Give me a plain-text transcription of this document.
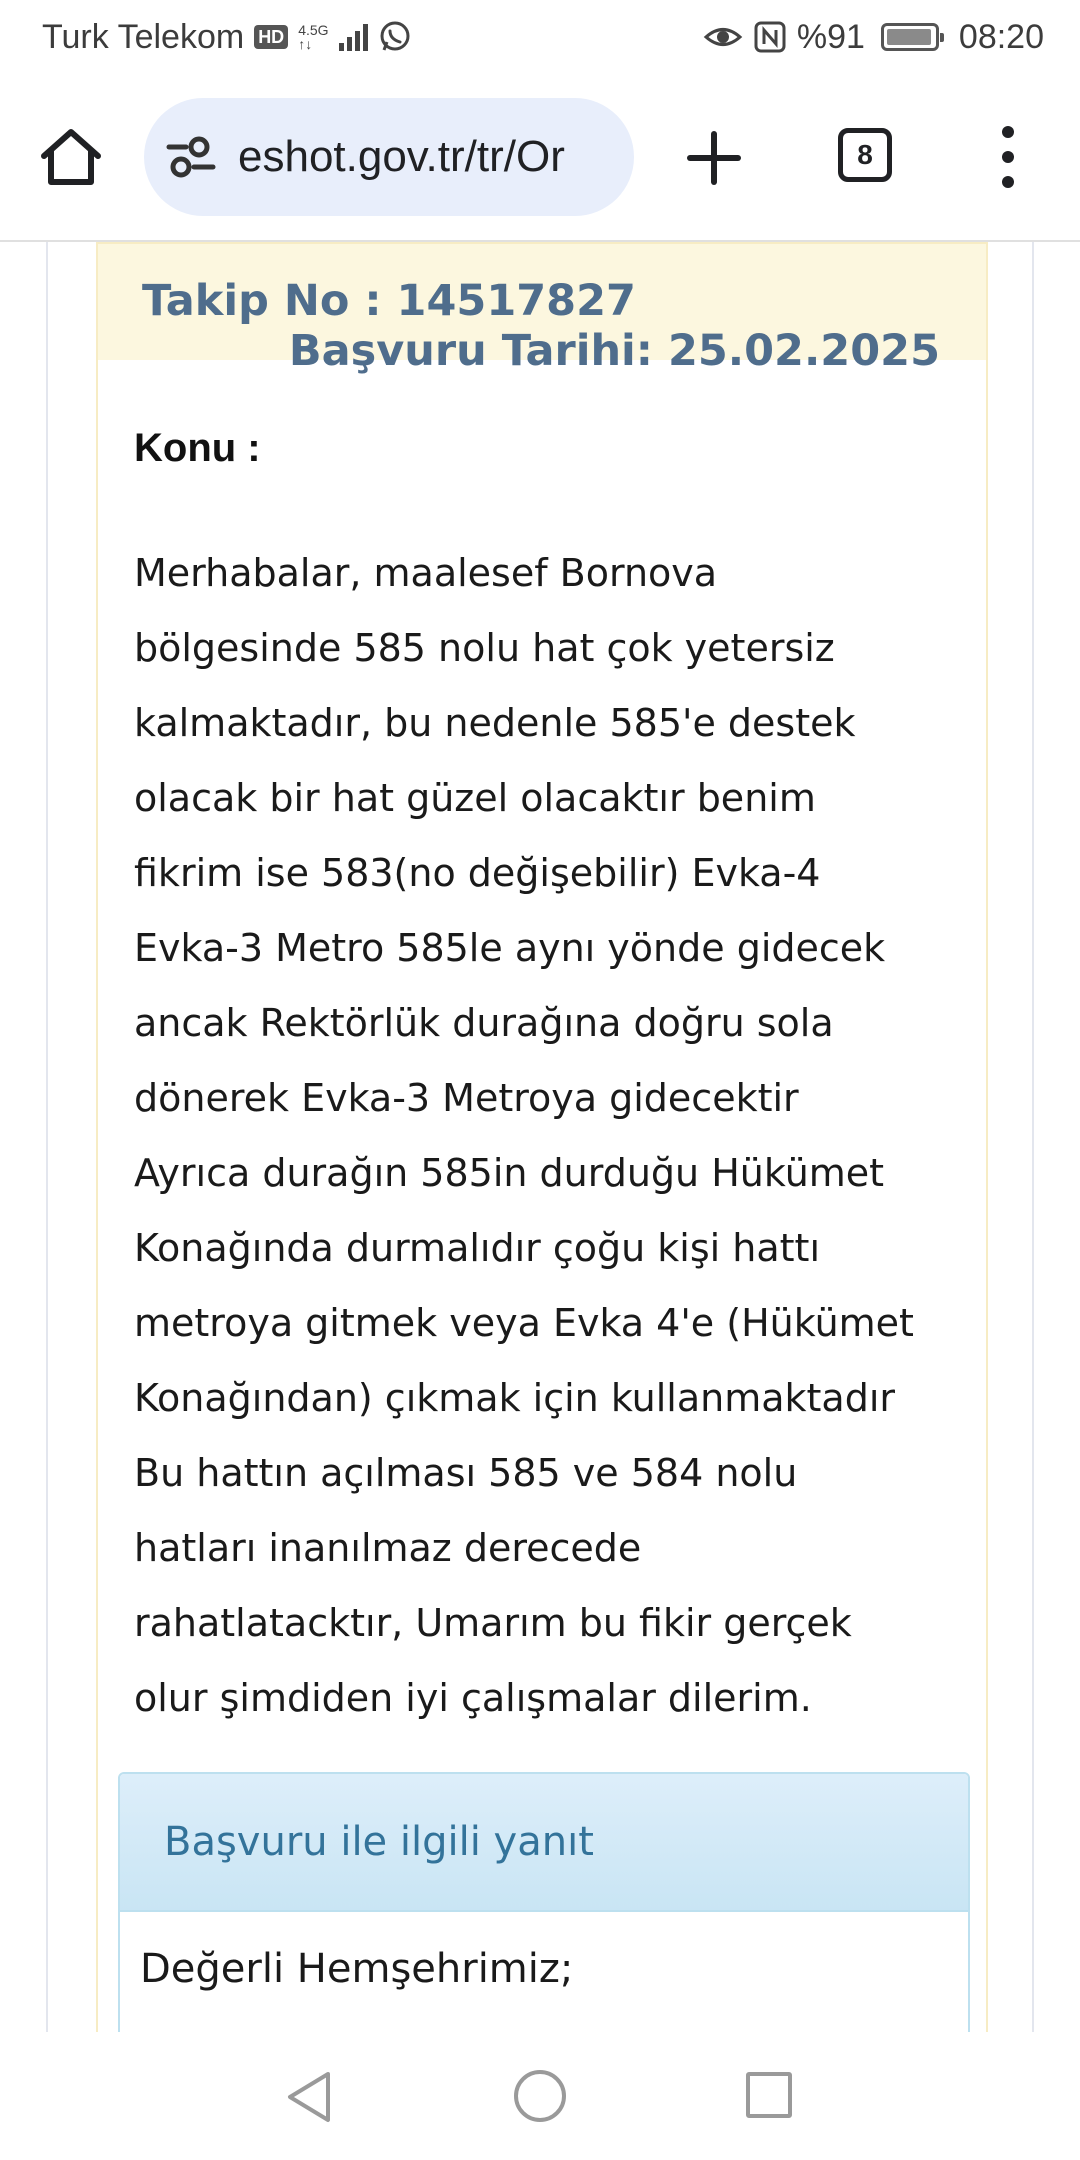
Turk Telekom HD 4.5G
↑↓	%91	08:20
eshot.gov.tr/tr/Or	8
Takip No : 14517827
Başvuru Tarihi: 25.02.2025
Konu :
Merhabalar, maalesef Bornova
bölgesinde 585 nolu hat çok yetersiz
kalmaktadır, bu nedenle 585'e destek
olacak bir hat güzel olacaktır benim
fikrim ise 583(no değişebilir) Evka-4
Evka-3 Metro 585le aynı yönde gidecek
ancak Rektörlük durağına doğru sola
dönerek Evka-3 Metroya gidecektir
Ayrıca durağın 585in durduğu Hükümet
Konağında durmalıdır çoğu kişi hattı
metroya gitmek veya Evka 4'e (Hükümet
Konağından) çıkmak için kullanmaktadır
Bu hattın açılması 585 ve 584 nolu
hatları inanılmaz derecede
rahatlatacktır, Umarım bu fikir gerçek
olur şimdiden iyi çalışmalar dilerim.
Başvuru ile ilgili yanıt
Değerli Hemşehrimiz;
